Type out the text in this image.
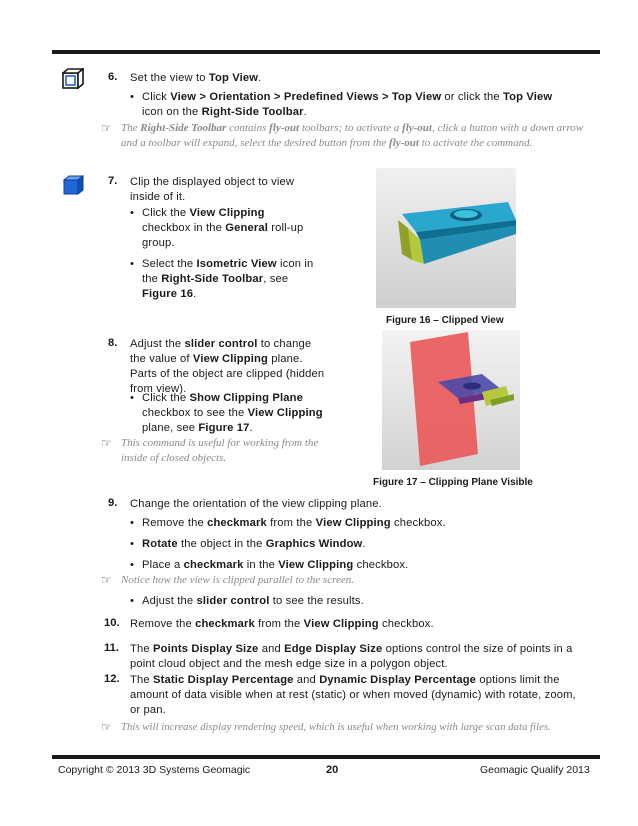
6. Set the view to Top View.
• Click View > Orientation > Predefined Views > Top View or click the Top View icon on the Right-Side Toolbar.
☞ The Right-Side Toolbar contains fly-out toolbars; to activate a fly-out, click a button with a down arrow and a toolbar will expand, select the desired button from the fly-out to activate the command.
7. Clip the displayed object to view inside of it.
• Click the View Clipping checkbox in the General roll-up group.
• Select the Isometric View icon in the Right-Side Toolbar, see Figure 16.
Figure 16 – Clipped View
8. Adjust the slider control to change the value of View Clipping plane. Parts of the object are clipped (hidden from view).
• Click the Show Clipping Plane checkbox to see the View Clipping plane, see Figure 17.
☞ This command is useful for working from the inside of closed objects.
Figure 17 – Clipping Plane Visible
9. Change the orientation of the view clipping plane.
• Remove the checkmark from the View Clipping checkbox.
• Rotate the object in the Graphics Window.
• Place a checkmark in the View Clipping checkbox.
☞ Notice how the view is clipped parallel to the screen.
• Adjust the slider control to see the results.
10. Remove the checkmark from the View Clipping checkbox.
11. The Points Display Size and Edge Display Size options control the size of points in a point cloud object and the mesh edge size in a polygon object.
12. The Static Display Percentage and Dynamic Display Percentage options limit the amount of data visible when at rest (static) or when moved (dynamic) with rotate, zoom, or pan.
☞ This will increase display rendering speed, which is useful when working with large scan data files.
Copyright © 2013 3D Systems Geomagic	20	Geomagic Qualify 2013
